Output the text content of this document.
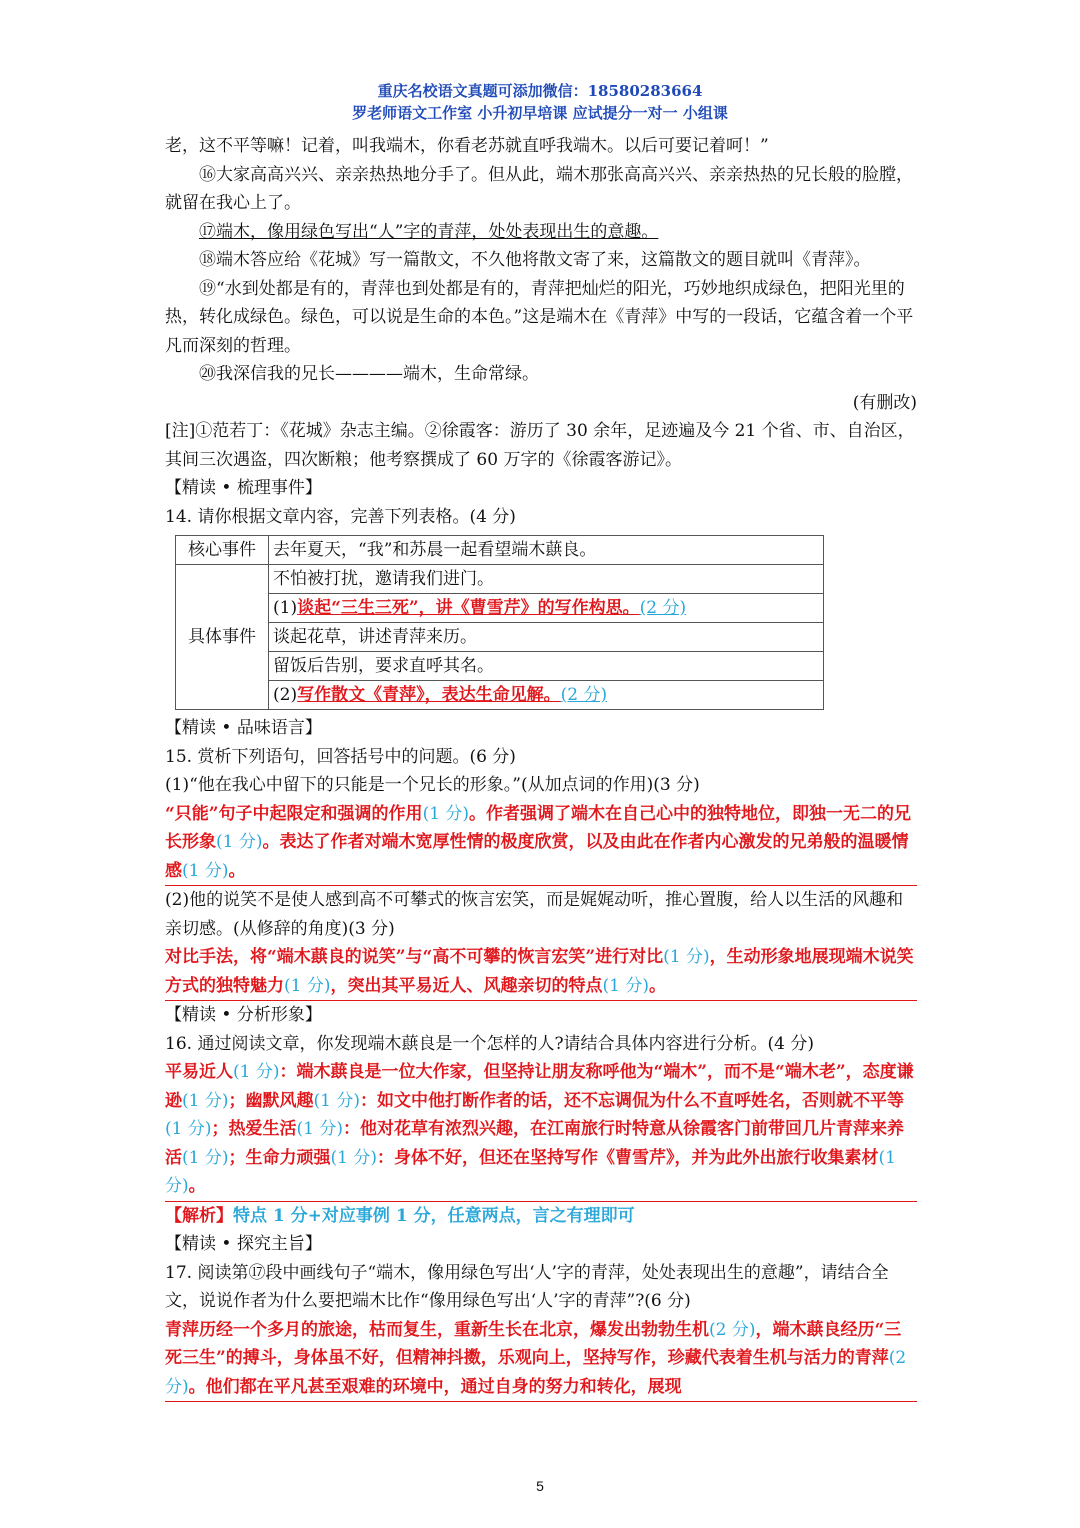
重庆名校语文真题可添加微信：18580283664
罗老师语文工作室 小升初早培课 应试提分一对一 小组课

老，这不平等嘛！记着，叫我端木，你看老苏就直呼我端木。以后可要记着呵！”

⑯大家高高兴兴、亲亲热热地分手了。但从此，端木那张高高兴兴、亲亲热热的兄长般的脸膛，就留在我心上了。

⑰端木，像用绿色写出“人”字的青萍，处处表现出生的意趣。

⑱端木答应给《花城》写一篇散文，不久他将散文寄了来，这篇散文的题目就叫《青萍》。

⑲“水到处都是有的，青萍也到处都是有的，青萍把灿烂的阳光，巧妙地织成绿色，把阳光里的热，转化成绿色。绿色，可以说是生命的本色。”这是端木在《青萍》中写的一段话，它蕴含着一个平凡而深刻的哲理。

⑳我深信我的兄长————端木，生命常绿。

(有删改)

[注]①范若丁：《花城》杂志主编。②徐霞客：游历了 30 余年，足迹遍及今 21 个省、市、自治区，其间三次遇盗，四次断粮；他考察撰成了 60 万字的《徐霞客游记》。

【精读 • 梳理事件】

14. 请你根据文章内容，完善下列表格。(4 分)

核心事件	去年夏天，“我”和苏晨一起看望端木蕻良。
具体事件	不怕被打扰，邀请我们进门。
	(1)谈起“三生三死”，讲《曹雪芹》的写作构思。(2 分)
	谈起花草，讲述青萍来历。
	留饭后告别，要求直呼其名。
	(2)写作散文《青萍》，表达生命见解。(2 分)

【精读 • 品味语言】

15. 赏析下列语句，回答括号中的问题。(6 分)

(1)“他在我心中留下的只能是一个兄长的形象。”(从加点词的作用)(3 分)

“只能”句子中起限定和强调的作用(1 分)。作者强调了端木在自己心中的独特地位，即独一无二的兄长形象(1 分)。表达了作者对端木宽厚性情的极度欣赏，以及由此在作者内心激发的兄弟般的温暖情感(1 分)。

(2)他的说笑不是使人感到高不可攀式的恢言宏笑，而是娓娓动听，推心置腹，给人以生活的风趣和亲切感。(从修辞的角度)(3 分)

对比手法，将“端木蕻良的说笑”与“高不可攀的恢言宏笑”进行对比(1 分)，生动形象地展现端木说笑方式的独特魅力(1 分)，突出其平易近人、风趣亲切的特点(1 分)。

【精读 • 分析形象】

16. 通过阅读文章，你发现端木蕻良是一个怎样的人?请结合具体内容进行分析。(4 分)

平易近人(1 分)：端木蕻良是一位大作家，但坚持让朋友称呼他为“端木”，而不是“端木老”，态度谦逊(1 分)；幽默风趣(1 分)：如文中他打断作者的话，还不忘调侃为什么不直呼姓名，否则就不平等(1 分)；热爱生活(1 分)：他对花草有浓烈兴趣，在江南旅行时特意从徐霞客门前带回几片青萍来养活(1 分)；生命力顽强(1 分)：身体不好，但还在坚持写作《曹雪芹》，并为此外出旅行收集素材(1 分)。

【解析】特点 1 分+对应事例 1 分，任意两点，言之有理即可

【精读 • 探究主旨】

17. 阅读第⑰段中画线句子“端木，像用绿色写出‘人’字的青萍，处处表现出生的意趣”，请结合全文，说说作者为什么要把端木比作“像用绿色写出‘人’字的青萍”?(6 分)

青萍历经一个多月的旅途，枯而复生，重新生长在北京，爆发出勃勃生机(2 分)，端木蕻良经历“三死三生”的搏斗，身体虽不好，但精神抖擞，乐观向上，坚持写作，珍藏代表着生机与活力的青萍(2 分)。他们都在平凡甚至艰难的环境中，通过自身的努力和转化，展现

5
